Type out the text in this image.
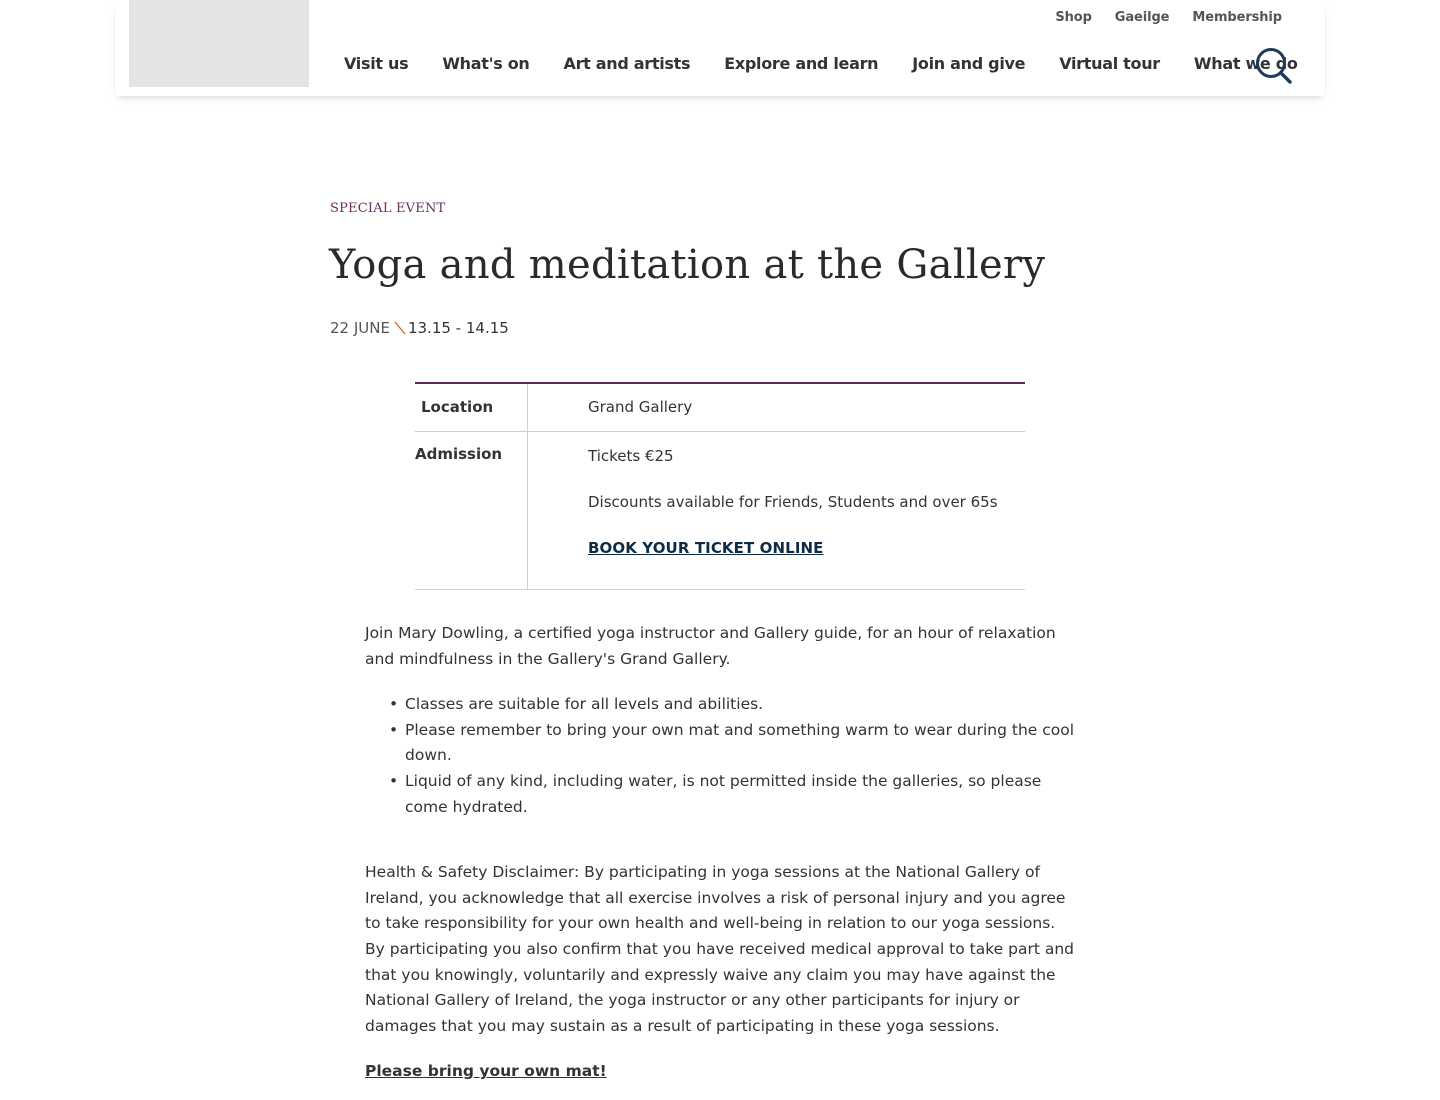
Shop Gaeilge Membership
Visit us What's on Art and artists Explore and learn Join and give Virtual tour What we do
SPECIAL EVENT
Yoga and meditation at the Gallery
22 JUNE 13.15 - 14.15
Location	Grand Gallery
Admission	Tickets €25

Discounts available for Friends, Students and over 65s

BOOK YOUR TICKET ONLINE

Join Mary Dowling, a certified yoga instructor and Gallery guide, for an hour of relaxation and mindfulness in the Gallery's Grand Gallery.

• Classes are suitable for all levels and abilities.
• Please remember to bring your own mat and something warm to wear during the cool down.
• Liquid of any kind, including water, is not permitted inside the galleries, so please come hydrated.

Health & Safety Disclaimer: By participating in yoga sessions at the National Gallery of Ireland, you acknowledge that all exercise involves a risk of personal injury and you agree to take responsibility for your own health and well-being in relation to our yoga sessions. By participating you also confirm that you have received medical approval to take part and that you knowingly, voluntarily and expressly waive any claim you may have against the National Gallery of Ireland, the yoga instructor or any other participants for injury or damages that you may sustain as a result of participating in these yoga sessions.

Please bring your own mat!
